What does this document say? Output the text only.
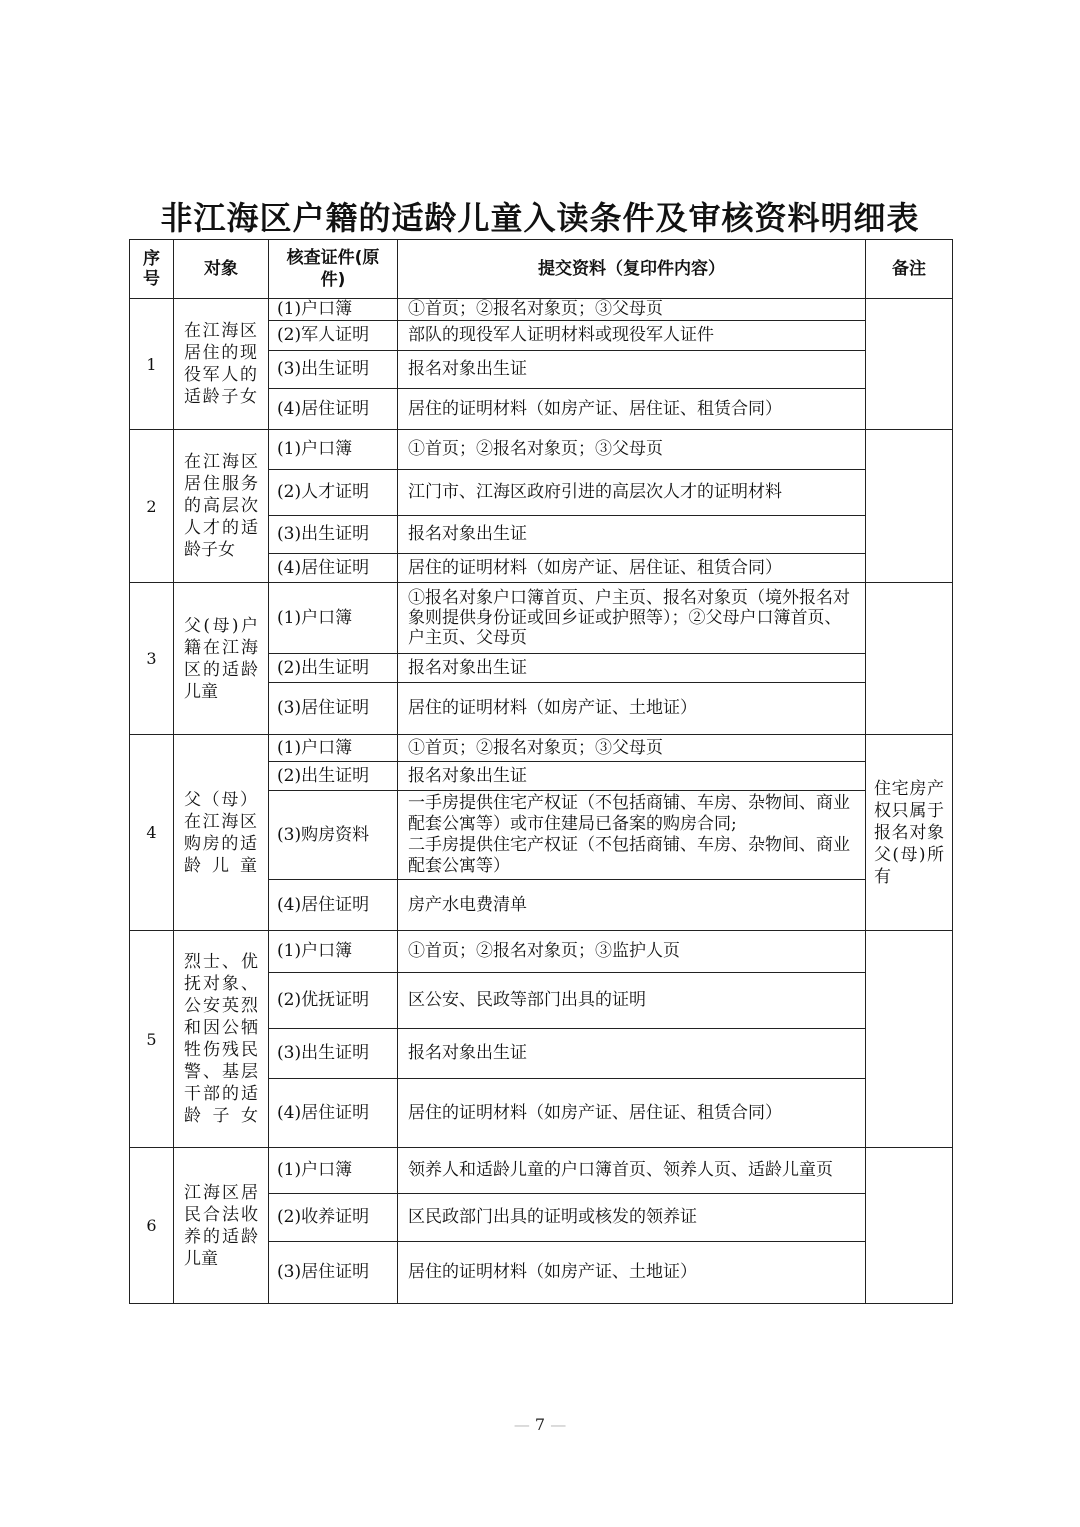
非江海区户籍的适龄儿童入读条件及审核资料明细表
序号	对象	核查证件(原件)	提交资料（复印件内容）	备注
1	在江海区居住的现役军人的适龄子女	(1)户口簿	①首页；②报名对象页；③父母页	
		(2)军人证明	部队的现役军人证明材料或现役军人证件	
		(3)出生证明	报名对象出生证	
		(4)居住证明	居住的证明材料（如房产证、居住证、租赁合同）	
2	在江海区居住服务的高层次人才的适龄子女	(1)户口簿	①首页；②报名对象页；③父母页	
		(2)人才证明	江门市、江海区政府引进的高层次人才的证明材料	
		(3)出生证明	报名对象出生证	
		(4)居住证明	居住的证明材料（如房产证、居住证、租赁合同）	
3	父(母)户籍在江海区的适龄儿童	(1)户口簿	①报名对象户口簿首页、户主页、报名对象页（境外报名对象则提供身份证或回乡证或护照等）；②父母户口簿首页、户主页、父母页	
		(2)出生证明	报名对象出生证	
		(3)居住证明	居住的证明材料（如房产证、土地证）	
4	父（母）在江海区购房的适龄儿童	(1)户口簿	①首页；②报名对象页；③父母页	住宅房产权只属于报名对象父(母)所有
		(2)出生证明	报名对象出生证	
		(3)购房资料	一手房提供住宅产权证（不包括商铺、车房、杂物间、商业配套公寓等）或市住建局已备案的购房合同;
二手房提供住宅产权证（不包括商铺、车房、杂物间、商业配套公寓等）	

		(4)居住证明	房产水电费清单	
5	烈士、优抚对象、公安英烈和因公牺牲伤残民警、基层干部的适龄子女	(1)户口簿	①首页；②报名对象页；③监护人页	
		(2)优抚证明	区公安、民政等部门出具的证明	
		(3)出生证明	报名对象出生证	
		(4)居住证明	居住的证明材料（如房产证、居住证、租赁合同）	
6	江海区居民合法收养的适龄儿童	(1)户口簿	领养人和适龄儿童的户口簿首页、领养人页、适龄儿童页	
		(2)收养证明	区民政部门出具的证明或核发的领养证	
		(3)居住证明	居住的证明材料（如房产证、土地证）	
— 7 —
